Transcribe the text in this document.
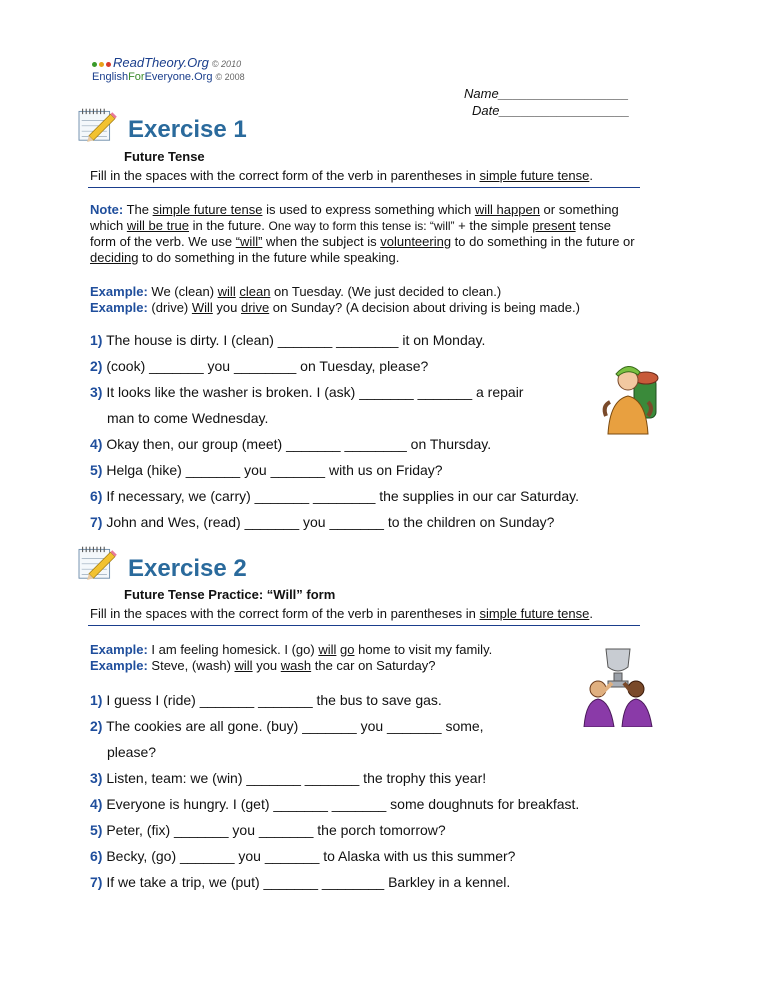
ReadTheory.Org © 2010
EnglishForEveryone.Org © 2008
Name__________________
Date__________________
Exercise 1
Future Tense
Fill in the spaces with the correct form of the verb in parentheses in simple future tense.
Note: The simple future tense is used to express something which will happen or something
which will be true in the future. One way to form this tense is: “will” + the simple present tense
form of the verb. We use “will” when the subject is volunteering to do something in the future or
deciding to do something in the future while speaking.
Example: We (clean) will clean on Tuesday. (We just decided to clean.)
Example: (drive) Will you drive on Sunday? (A decision about driving is being made.)
1) The house is dirty. I (clean) _______ ________ it on Monday.
2) (cook) _______ you ________ on Tuesday, please?
3) It looks like the washer is broken. I (ask) _______ _______ a repair
man to come Wednesday.
4) Okay then, our group (meet) _______ ________ on Thursday.
5) Helga (hike) _______ you _______ with us on Friday?
6) If necessary, we (carry) _______ ________ the supplies in our car Saturday.
7) John and Wes, (read) _______ you _______ to the children on Sunday?
Exercise 2
Future Tense Practice: “Will” form
Fill in the spaces with the correct form of the verb in parentheses in simple future tense.
Example: I am feeling homesick. I (go) will go home to visit my family.
Example: Steve, (wash) will you wash the car on Saturday?
1) I guess I (ride) _______ _______ the bus to save gas.
2) The cookies are all gone. (buy) _______ you _______ some,
please?
3) Listen, team: we (win) _______ _______ the trophy this year!
4) Everyone is hungry. I (get) _______ _______ some doughnuts for breakfast.
5) Peter, (fix) _______ you _______ the porch tomorrow?
6) Becky, (go) _______ you _______ to Alaska with us this summer?
7) If we take a trip, we (put) _______ ________ Barkley in a kennel.
